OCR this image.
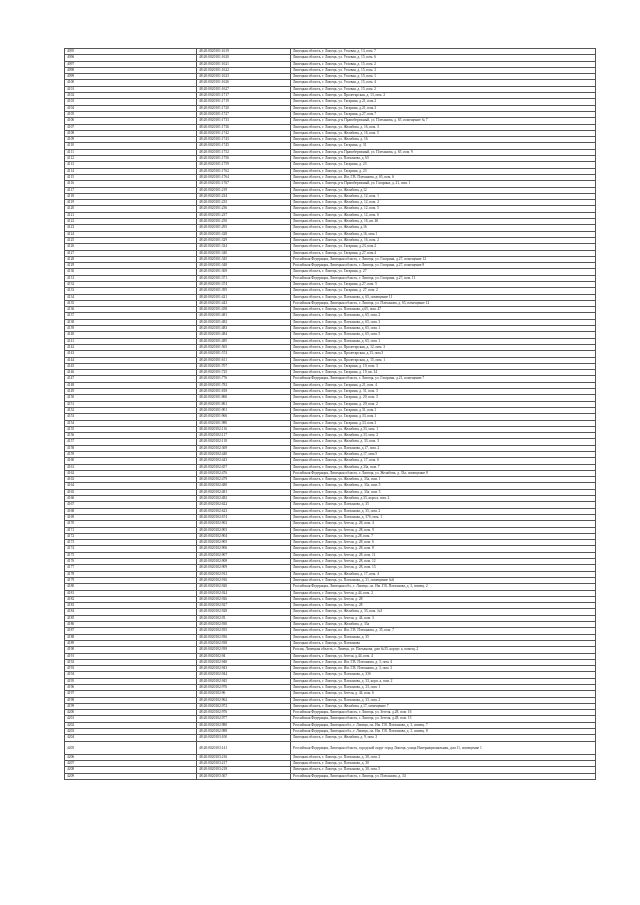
4095	48:20:0020101:1619	Липецкая область, г. Липецк, ул. Угловая, д. 13, пом. 7
4096	48:20:0020101:1620	Липецкая область, г. Липецк, ул. Угловая, д. 15, пом. 6
4097	48:20:0020101:1621	Липецкая область, г. Липецк, ул. Угловая, д. 15, пом. 2
4098	48:20:0020101:1622	Липецкая область, г. Липецк, ул. Угловая, д. 15, пом. 3
4099	48:20:0020101:1623	Липецкая область, г. Липецк, ул. Угловая, д. 15, пом. 1
4100	48:20:0020101:1626	Липецкая область, г. Липецк, ул. Угловая, д. 15, пом. 4
4101	48:20:0020101:1627	Липецкая область, г. Липецк, ул. Угловая, д. 15, пом. 2
4102	48:20:0020101:1717	Липецкая область, г. Липецк, ул. Пролетарская, д. 13, пом. 2
4103	48:20:0020101:1719	Липецкая область, г. Липецк, ул. Гагарина, д.21, пом.2
4104	48:20:0020101:1720	Липецкая область, г. Липецк, ул. Гагарина, д.21, пом.3
4105	48:20:0020101:1727	Липецкая область, г. Липецк, ул. Гагарина, д.27, пом.7
4106	48:20:0020101:1733	Липецкая область, г. Липецк, р-н Правобережный, ул. Плеханова, д. 65, помещение № 7
4107	48:20:0020101:1736	Липецкая область, г. Липецк, ул. Желябова, д. 16, пом. 3
4108	48:20:0020101:1742	Липецкая область, г. Липецк, ул. Желябова, д. 16, пом. 5
4109	48:20:0020101:1743	Липецкая область, г. Липецк, ул. Желябова, д. 16
4110	48:20:0020101:1745	Липецкая область, г. Липецк, ул. Гагарина, д. 31
4111	48:20:0020101:1752	Липецкая область, г. Липецк, р-н Правобережный, ул. Плеханова, д. 65, пом. 9
4112	48:20:0020101:1756	Липецкая область, г. Липецк, ул. Плеханова, д. 65
4113	48:20:0020101:1759	Липецкая область, г. Липецк, ул. Гагарина, д. 23
4114	48:20:0020101:1762	Липецкая область, г. Липецк, ул. Гагарина, д. 23
4115	48:20:0020101:1764	Липецкая область, г. Липецк, пл. Им. Г.В. Плеханова, д. 65, пом. 6
4116	48:20:0020101:1767	Липецкая область, г. Липецк, р-н Правобережный, ул. Гагарина, д. 21, пом. 1
4117	48:20:0020101:219	Липецкая область, г. Липецк, ул. Желябова, д.12
4118	48:20:0020101:234	Липецкая область, г. Липецк, ул. Желябова, д. 12, пом. 1
4119	48:20:0020101:235	Липецкая область, г. Липецк, ул. Желябова, д. 12, пом. 2
4120	48:20:0020101:236	Липецкая область, г. Липецк, ул. Желябова, д. 12, пом. 5
4121	48:20:0020101:237	Липецкая область, г. Липецк, ул. Желябова, д. 12, пом. 6
4122	48:20:0020101:250	Липецкая область, г. Липецк, ул. Желябова, д. 16, кв. 46
4123	48:20:0020101:295	Липецкая область, г. Липецк, ул. Желябова, д.16
4124	48:20:0020101:328	Липецкая область, г. Липецк, ул. Желябова, д.16, пом.1
4125	48:20:0020101:329	Липецкая область, г. Липецк, ул. Желябова, д. 16, пом. 2
4126	48:20:0020101:334	Липецкая область, г. Липецк, ул. Гагарина, д.23, пом.2
4127	48:20:0020101:340	Липецкая область, г. Липецк, ул. Гагарина, д.27, пом.4
4128	48:20:0020101:345	Российская Федерация, Липецкая область, г. Липецк, ул. Гагарина, д.27, помещение 12
4129	48:20:0020101:348	Российская Федерация, Липецкая область, г. Липецк, ул. Гагарина, д.27, помещение 8
4130	48:20:0020101:369	Липецкая область, г. Липецк, ул. Гагарина, д. 27
4131	48:20:0020101:371	Российская Федерация, Липецкая область, г. Липецк, ул. Гагарина, д.27, пом. 11
4132	48:20:0020101:374	Липецкая область, г. Липецк, ул. Гагарина, д.27, пом. 5
4133	48:20:0020101:395	Липецкая область, г. Липецк, ул. Гагарина, д. 27, пом. 2
4134	48:20:0020101:421	Липецкая область, г. Липецк, ул. Плеханова, д. 65, помещение 11
4135	48:20:0020101:443	Российская Федерация, Липецкая область, г. Липецк, ул. Плеханова, д. 65, помещение 12
4136	48:20:0020101:458	Липецкая область, г. Липецк, ул. Плеханова, д.65, пом. 47
4137	48:20:0020101:481	Липецкая область, г. Липецк, ул. Плеханова, д. 65, пом. 2
4138	48:20:0020101:482	Липецкая область, г. Липецк, ул. Плеханова, д. 65, пом. 3
4139	48:20:0020101:483	Липецкая область, г. Липецк, ул. Плеханова, д. 65, пом. 1
4140	48:20:0020101:484	Липецкая область, г. Липецк, ул. Плеханова, д. 65, пом. 5
4141	48:20:0020101:485	Липецкая область, г. Липецк, ул. Плеханова, д. 65, пом. 1
4142	48:20:0020101:565	Липецкая область, г. Липецк, ул. Пролетарская, д. 12, пом. 3
4143	48:20:0020101:574	Липецкая область, г. Липецк, ул. Пролетарская, д.13, пом.3
4144	48:20:0020101:611	Липецкая область, г. Липецк, ул. Пролетарская, д. 15, пом. 1
4145	48:20:0020101:707	Липецкая область, г. Липецк, ул. Гагарина, д. 19, пом. 3
4146	48:20:0020101:725	Липецкая область, г. Липецк, ул. Гагарина, д. 19, кв. 34
4147	48:20:0020101:776	Российская Федерация, Липецкая область, г. Липецк, ул. Гагарина, д.21, помещение 7
4148	48:20:0020101:782	Липецкая область, г. Липецк, ул. Гагарина, д.21, пом. 4
4149	48:20:0020101:818	Липецкая область, г. Липецк, ул. Гагарина, д. 31, пом. 3
4150	48:20:0020101:860	Липецкая область, г. Липецк, ул. Гагарина, д. 29, пом. 3
4151	48:20:0020101:861	Липецкая область, г. Липецк, ул. Гагарина, д. 29, пом. 2
4152	48:20:0020101:901	Липецкая область, г. Липецк, ул. Гагарина, д.31, пом.1
4153	48:20:0020101:966	Липецкая область, г. Липецк, ул. Гагарина, д.33, пом.1
4154	48:20:0020101:980	Липецкая область, г. Липецк, ул. Гагарина, д.33, пом.3
4155	48:20:0020102:116	Липецкая область, г. Липецк, ул. Желябова, д.33, пом. 1
4156	48:20:0020102:117	Липецкая область, г. Липецк, ул. Желябова, д.33, пом. 2
4157	48:20:0020102:118	Липецкая область, г. Липецк, ул. Желябова, д. 33, пом. 3
4158	48:20:0020102:369	Липецкая область, г. Липецк, ул. Плеханова, д.17, пом. 2
4159	48:20:0020102:440	Липецкая область, г. Липецк, ул. Желябова, д.17, пом.5
4160	48:20:0020102:443	Липецкая область, г. Липецк, ул. Желябова, д. 17, пом. 6
4161	48:20:0020102:457	Липецкая область, г. Липецк, ул. Желябова, д.33а, пом. 7
4162	48:20:0020102:476	Российская Федерация, Липецкая область, г. Липецк, ул. Желябова, д. 33а, помещение 8
4163	48:20:0020102:479	Липецкая область, г. Липецк, ул. Желябова, д. 33а, пом. 1
4164	48:20:0020102:480	Липецкая область, г. Липецк, ул. Желябова, д. 33а, пом. 5
4165	48:20:0020102:481	Липецкая область, г. Липецк, ул. Желябова, д. 33а, пом. 3
4166	48:20:0020102:482	Липецкая область, г. Липецк, ул. Желябова, д.33, корп.а, пом. 2
4167	48:20:0020102:622	Липецкая область, г. Липецк, ул. Плеханова, д. 35
4168	48:20:0020102:623	Липецкая область, г. Липецк, ул. Плеханова, д. 35, пом. 2
4169	48:20:0020102:674	Липецкая область, г. Липецк, ул. Плеханова, д. 37б, пом. 1
4170	48:20:0020102:902	Липецкая область, г. Липецк, ул. Зегеля, д. 28, пом. 4
4171	48:20:0020102:903	Липецкая область, г. Липецк, ул. Зегеля, д. 28, пом. 9
4172	48:20:0020102:904	Липецкая область, г. Липецк, ул. Зегеля, д.28, пом. 7
4173	48:20:0020102:905	Липецкая область, г. Липецк, ул. Зегеля, д. 28, пом. 6
4174	48:20:0020102:906	Липецкая область, г. Липецк, ул. Зегеля, д. 28, пом. 8
4175	48:20:0020102:907	Липецкая область, г. Липецк, ул. Зегеля, д. 28, пом. 11
4176	48:20:0020102:908	Липецкая область, г. Липецк, ул. Зегеля, д. 28, пом. 12
4177	48:20:0020102:909	Липецкая область, г. Липецк, ул. Зегеля, д. 28, пом. 13
4178	48:20:0020102:912	Липецкая область, г. Липецк, ул. Желябова, д. 17, пом. 4
4179	48:20:0020102:916	Липецкая область, г. Липецк, ул. Плеханова, д. 31, помещение №6
4180	48:20:0020102:920	Российская Федерация, Липецкая обл., г. Липецк, пл. Им. Г.В. Плеханова, д. 3, помещ. 2
4181	48:20:0020102:924	Липецкая область, г. Липецк, ул. Зегеля, д.44, пом. 2
4182	48:20:0020102:926	Липецкая область, г. Липецк, ул. Зегеля, д. 28
4183	48:20:0020102:927	Липецкая область, г. Липецк, ул. Зегеля, д. 28
4184	48:20:0020102:928	Липецкая область, г. Липецк, ул. Желябова, д. 33, пом. №3
4185	48:20:0020102:93	Липецкая область, г. Липецк, ул. Зегеля, д. 44, пом. 3
4186	48:20:0020102:930	Липецкая область, г. Липецк, ул. Желябова, д. 33а
4187	48:20:0020102:935	Липецкая область, г. Липецк, пл. Им. Г.В. Плеханова, д. 35, пом. 7
4188	48:20:0020102:936	Липецкая область, г. Липецк, ул. Плеханова, д. 35
4189	48:20:0020102:938	Липецкая область, г. Липецк, ул. Плеханова
4190	48:20:0020102:939	Россия, Липецкая область, г. Липецк, ул. Плеханова, дом №35, корпус а, помещ. 2
4191	48:20:0020102:94	Липецкая область, г. Липецк, ул. Зегеля, д.44, пом. 4
4192	48:20:0020102:940	Липецкая область, г. Липецк, пл. Им. Г.В. Плеханова, д. 3, пом. 4
4193	48:20:0020102:943	Липецкая область, г. Липецк, пл. Им. Г.В. Плеханова, д. 3, пом. 3
4194	48:20:0020102:944	Липецкая область, г. Липецк, ул. Плеханова, д. 33б
4195	48:20:0020102:945	Липецкая область, г. Липецк, ул. Плеханова, д. 33, корп. а, пом. 2
4196	48:20:0020102:976	Липецкая область, г. Липецк, ул. Плеханова, д. 33, пом. 1
4197	48:20:0020102:96	Липецкая область, г. Липецк, ул. Зегеля, д. 44, пом. 6
4198	48:20:0020102:962	Липецкая область, г. Липецк, ул. Плеханова, д. 33, пом. 2
4199	48:20:0020102:972	Липецкая область, г. Липецк, ул. Желябова, д.17, помещение 7
4200	48:20:0020102:976	Российская Федерация, Липецкая область, г. Липецк, ул. Зегеля, д.28, пом. 16
4201	48:20:0020102:977	Российская Федерация, Липецкая область, г. Липецк, ул. Зегеля, д.28, пом. 15
4202	48:20:0020102:980	Российская Федерация, Липецкая обл., г. Липецк, пл. Им. Г.В. Плеханова, д. 3, помещ. 7
4203	48:20:0020102:988	Российская Федерация, Липецкая обл., г. Липецк, пл. Им. Г.В. Плеханова, д. 3, помещ. 8
4204	48:20:0020103:100	Липецкая область, г. Липецк, ул. Желябова, д. 9, пом. 3
4205	48:20:0020103:141	Российская Федерация, Липецкая область, городской округ город Липецк, улица Интернациональная, дом 11, помещение 1
4206	48:20:0020103:216	Липецкая область, г. Липецк, ул. Плеханова, д. 30, пом. 2
4207	48:20:0020103:217	Липецкая область, г. Липецк, ул. Плеханова, д. 30
4208	48:20:0020103:218	Липецкая область, г. Липецк, ул. Плеханова, д. 30, пом. 5
4209	48:20:0020103:367	Российская Федерация, Липецкая область, г. Липецк, ул. Плеханова, д. 34
